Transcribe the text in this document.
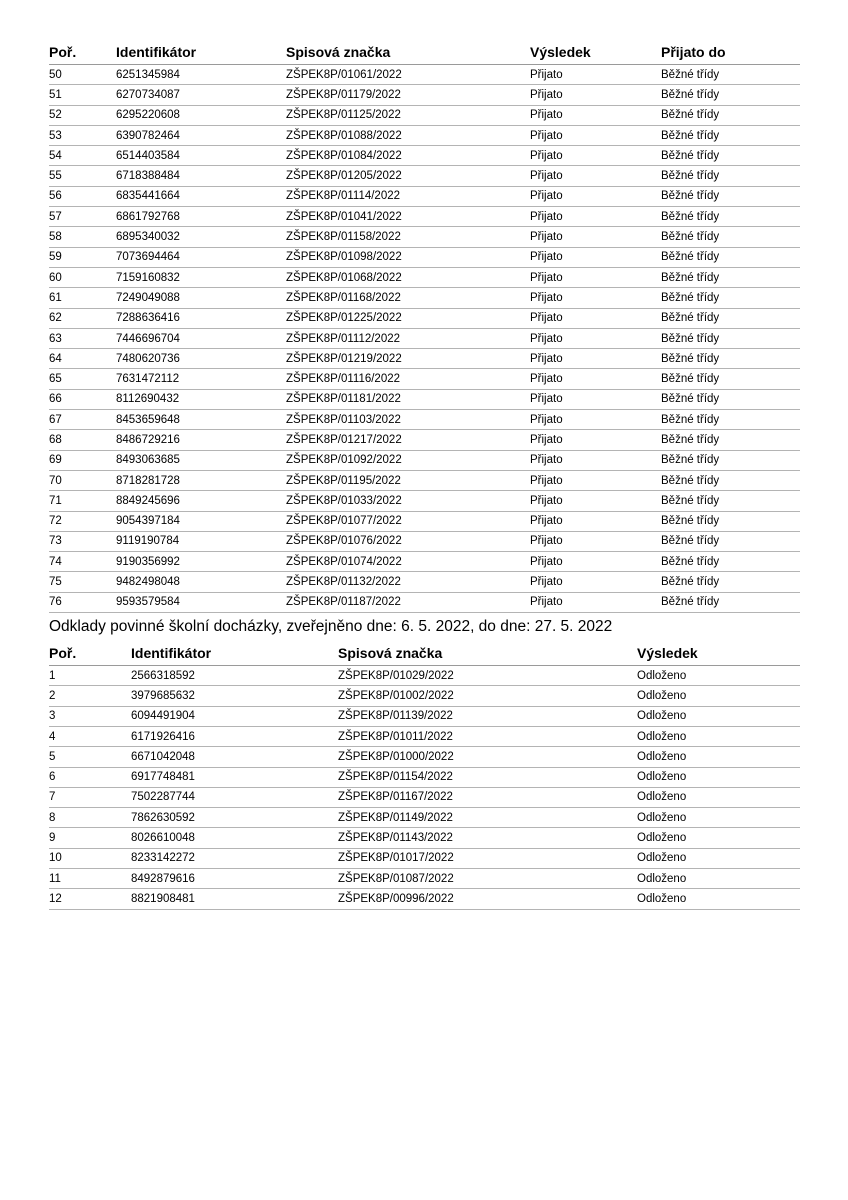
Poř.	Identifikátor	Spisová značka	Výsledek	Přijato do
50	6251345984	ZŠPEK8P/01061/2022	Přijato	Běžné třídy
51	6270734087	ZŠPEK8P/01179/2022	Přijato	Běžné třídy
52	6295220608	ZŠPEK8P/01125/2022	Přijato	Běžné třídy
53	6390782464	ZŠPEK8P/01088/2022	Přijato	Běžné třídy
54	6514403584	ZŠPEK8P/01084/2022	Přijato	Běžné třídy
55	6718388484	ZŠPEK8P/01205/2022	Přijato	Běžné třídy
56	6835441664	ZŠPEK8P/01114/2022	Přijato	Běžné třídy
57	6861792768	ZŠPEK8P/01041/2022	Přijato	Běžné třídy
58	6895340032	ZŠPEK8P/01158/2022	Přijato	Běžné třídy
59	7073694464	ZŠPEK8P/01098/2022	Přijato	Běžné třídy
60	7159160832	ZŠPEK8P/01068/2022	Přijato	Běžné třídy
61	7249049088	ZŠPEK8P/01168/2022	Přijato	Běžné třídy
62	7288636416	ZŠPEK8P/01225/2022	Přijato	Běžné třídy
63	7446696704	ZŠPEK8P/01112/2022	Přijato	Běžné třídy
64	7480620736	ZŠPEK8P/01219/2022	Přijato	Běžné třídy
65	7631472112	ZŠPEK8P/01116/2022	Přijato	Běžné třídy
66	8112690432	ZŠPEK8P/01181/2022	Přijato	Běžné třídy
67	8453659648	ZŠPEK8P/01103/2022	Přijato	Běžné třídy
68	8486729216	ZŠPEK8P/01217/2022	Přijato	Běžné třídy
69	8493063685	ZŠPEK8P/01092/2022	Přijato	Běžné třídy
70	8718281728	ZŠPEK8P/01195/2022	Přijato	Běžné třídy
71	8849245696	ZŠPEK8P/01033/2022	Přijato	Běžné třídy
72	9054397184	ZŠPEK8P/01077/2022	Přijato	Běžné třídy
73	9119190784	ZŠPEK8P/01076/2022	Přijato	Běžné třídy
74	9190356992	ZŠPEK8P/01074/2022	Přijato	Běžné třídy
75	9482498048	ZŠPEK8P/01132/2022	Přijato	Běžné třídy
76	9593579584	ZŠPEK8P/01187/2022	Přijato	Běžné třídy

Odklady povinné školní docházky, zveřejněno dne: 6. 5. 2022, do dne: 27. 5. 2022

Poř.	Identifikátor	Spisová značka	Výsledek
1	2566318592	ZŠPEK8P/01029/2022	Odloženo
2	3979685632	ZŠPEK8P/01002/2022	Odloženo
3	6094491904	ZŠPEK8P/01139/2022	Odloženo
4	6171926416	ZŠPEK8P/01011/2022	Odloženo
5	6671042048	ZŠPEK8P/01000/2022	Odloženo
6	6917748481	ZŠPEK8P/01154/2022	Odloženo
7	7502287744	ZŠPEK8P/01167/2022	Odloženo
8	7862630592	ZŠPEK8P/01149/2022	Odloženo
9	8026610048	ZŠPEK8P/01143/2022	Odloženo
10	8233142272	ZŠPEK8P/01017/2022	Odloženo
11	8492879616	ZŠPEK8P/01087/2022	Odloženo
12	8821908481	ZŠPEK8P/00996/2022	Odloženo
